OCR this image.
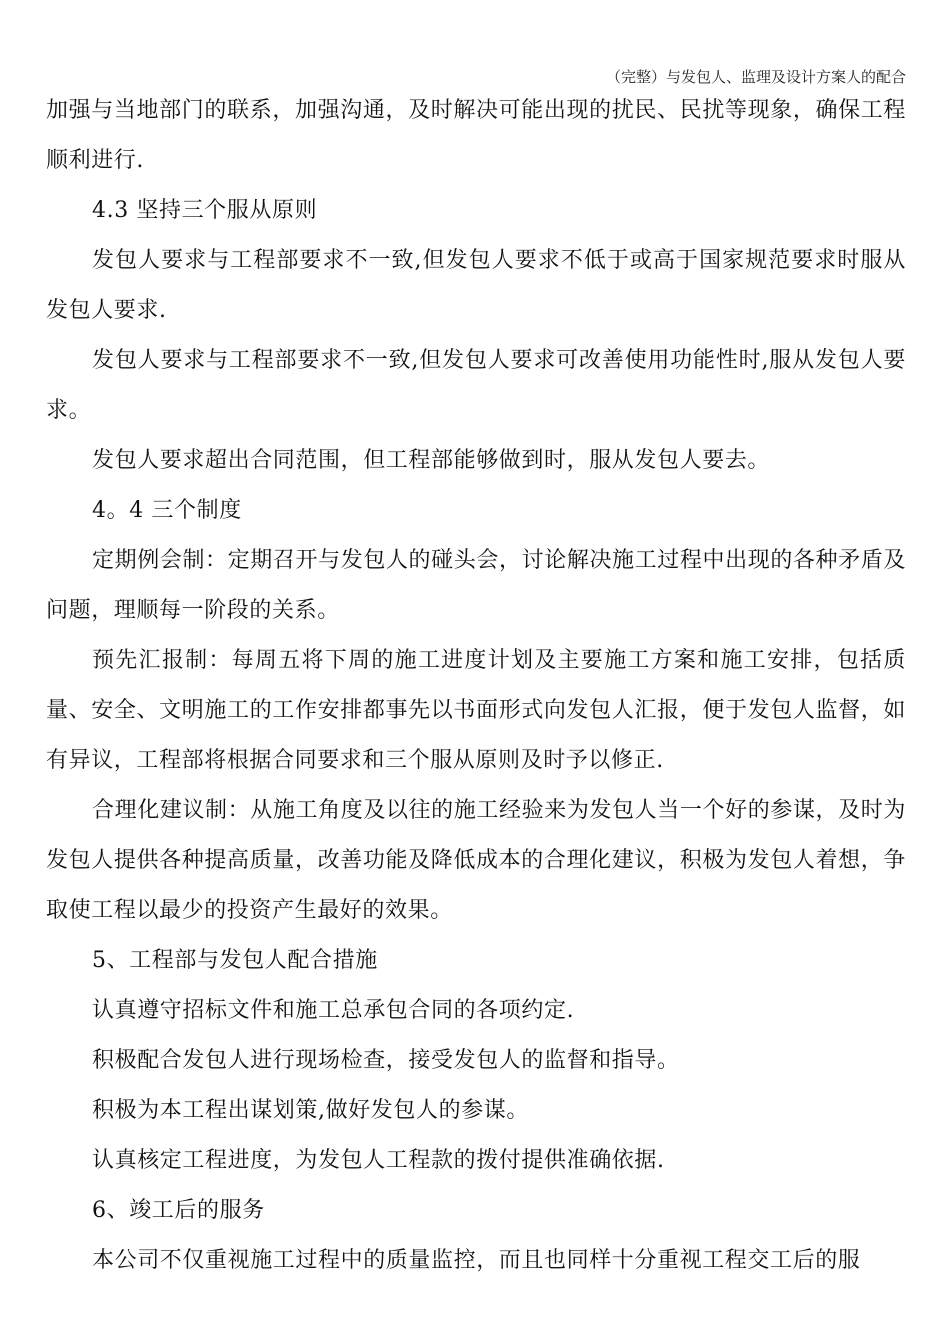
（完整）与发包人、监理及设计方案人的配合

加强与当地部门的联系，加强沟通，及时解决可能出现的扰民、民扰等现象，确保工程顺利进行.

4.3 坚持三个服从原则

发包人要求与工程部要求不一致,但发包人要求不低于或高于国家规范要求时服从发包人要求.

发包人要求与工程部要求不一致,但发包人要求可改善使用功能性时,服从发包人要求。

发包人要求超出合同范围，但工程部能够做到时，服从发包人要去。

4。4 三个制度

定期例会制：定期召开与发包人的碰头会，讨论解决施工过程中出现的各种矛盾及问题，理顺每一阶段的关系。

预先汇报制：每周五将下周的施工进度计划及主要施工方案和施工安排，包括质量、安全、文明施工的工作安排都事先以书面形式向发包人汇报，便于发包人监督，如有异议，工程部将根据合同要求和三个服从原则及时予以修正.

合理化建议制：从施工角度及以往的施工经验来为发包人当一个好的参谋，及时为发包人提供各种提高质量，改善功能及降低成本的合理化建议，积极为发包人着想，争取使工程以最少的投资产生最好的效果。

5、工程部与发包人配合措施

认真遵守招标文件和施工总承包合同的各项约定.

积极配合发包人进行现场检查，接受发包人的监督和指导。

积极为本工程出谋划策,做好发包人的参谋。

认真核定工程进度，为发包人工程款的拨付提供准确依据.

6、竣工后的服务

本公司不仅重视施工过程中的质量监控，而且也同样十分重视工程交工后的服
